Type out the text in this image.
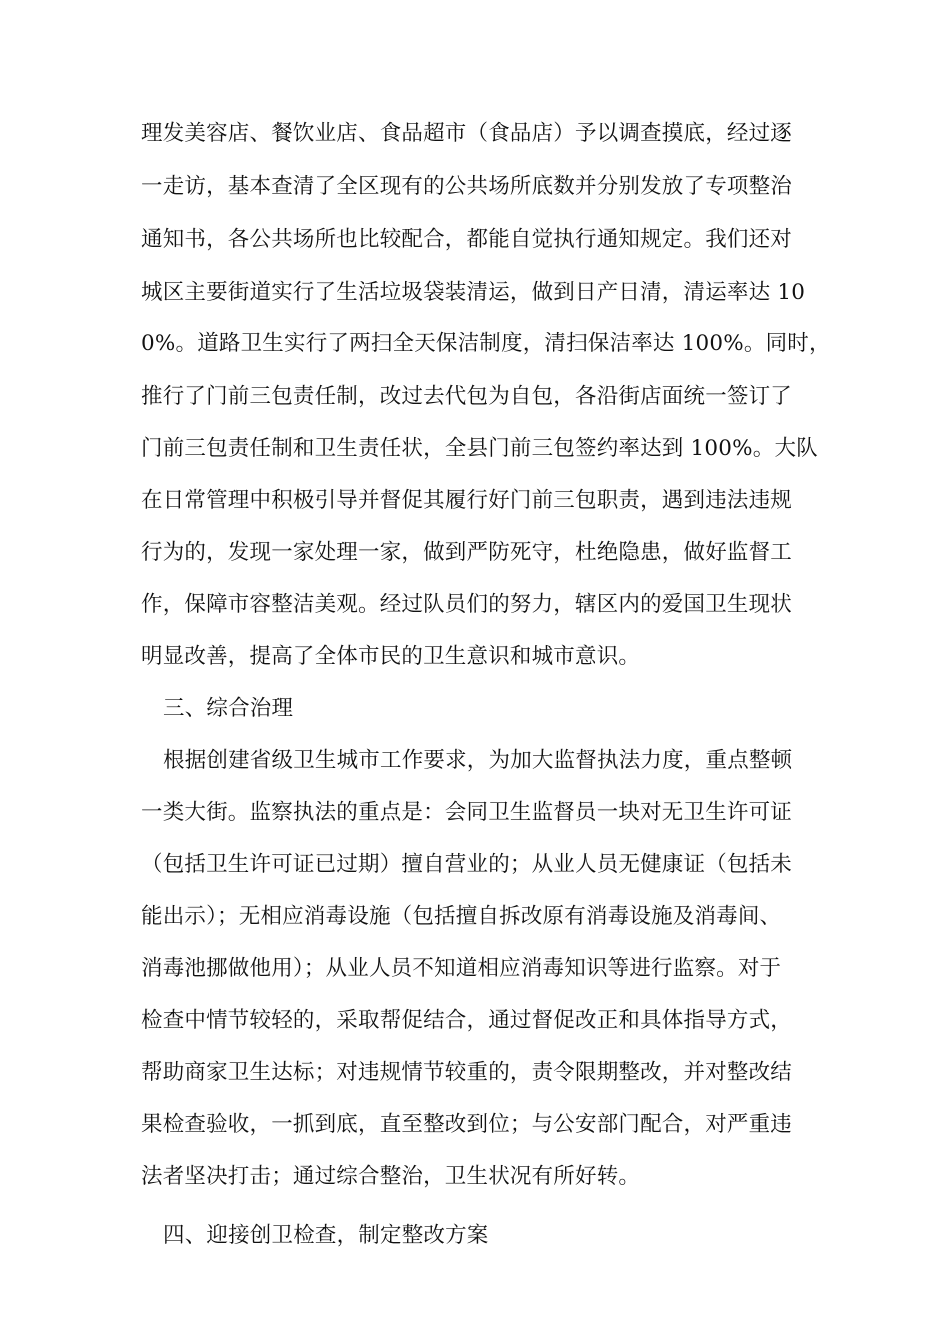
理发美容店、餐饮业店、食品超市（食品店）予以调查摸底，经过逐
一走访，基本查清了全区现有的公共场所底数并分别发放了专项整治
通知书，各公共场所也比较配合，都能自觉执行通知规定。我们还对
城区主要街道实行了生活垃圾袋装清运，做到日产日清，清运率达 10
0%。道路卫生实行了两扫全天保洁制度，清扫保洁率达 100%。同时，
推行了门前三包责任制，改过去代包为自包，各沿街店面统一签订了
门前三包责任制和卫生责任状，全县门前三包签约率达到 100%。大队
在日常管理中积极引导并督促其履行好门前三包职责，遇到违法违规
行为的，发现一家处理一家，做到严防死守，杜绝隐患，做好监督工
作，保障市容整洁美观。经过队员们的努力，辖区内的爱国卫生现状
明显改善，提高了全体市民的卫生意识和城市意识。
三、综合治理
根据创建省级卫生城市工作要求，为加大监督执法力度，重点整顿
一类大街。监察执法的重点是：会同卫生监督员一块对无卫生许可证
（包括卫生许可证已过期）擅自营业的；从业人员无健康证（包括未
能出示）；无相应消毒设施（包括擅自拆改原有消毒设施及消毒间、
消毒池挪做他用）；从业人员不知道相应消毒知识等进行监察。对于
检查中情节较轻的，采取帮促结合，通过督促改正和具体指导方式，
帮助商家卫生达标；对违规情节较重的，责令限期整改，并对整改结
果检查验收，一抓到底，直至整改到位；与公安部门配合，对严重违
法者坚决打击；通过综合整治，卫生状况有所好转。
四、迎接创卫检查，制定整改方案
